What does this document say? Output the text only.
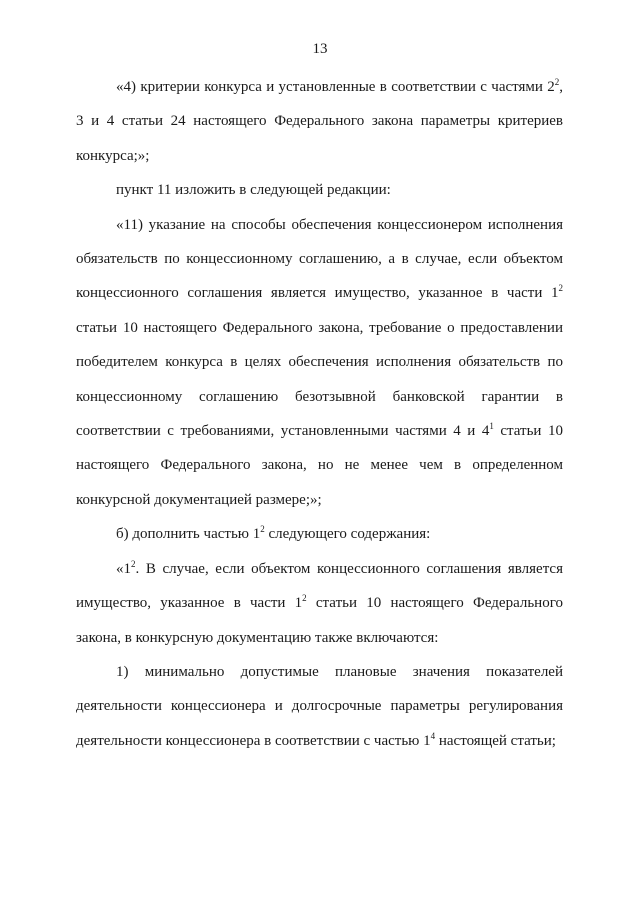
13

«4) критерии конкурса и установленные в соответствии с частями $2^2$, 3 и 4 статьи 24 настоящего Федерального закона параметры критериев конкурса;»;

пункт 11 изложить в следующей редакции:

«11) указание на способы обеспечения концессионером исполнения обязательств по концессионному соглашению, а в случае, если объектом концессионного соглашения является имущество, указанное в части $1^2$ статьи 10 настоящего Федерального закона, требование о предоставлении победителем конкурса в целях обеспечения исполнения обязательств по концессионному соглашению безотзывной банковской гарантии в соответствии с требованиями, установленными частями 4 и $4^1$ статьи 10 настоящего Федерального закона, но не менее чем в определенном конкурсной документацией размере;»;

б) дополнить частью $1^2$ следующего содержания:

«$1^2$. В случае, если объектом концессионного соглашения является имущество, указанное в части $1^2$ статьи 10 настоящего Федерального закона, в конкурсную документацию также включаются:

1) минимально допустимые плановые значения показателей деятельности концессионера и долгосрочные параметры регулирования деятельности концессионера в соответствии с частью $1^4$ настоящей статьи;
